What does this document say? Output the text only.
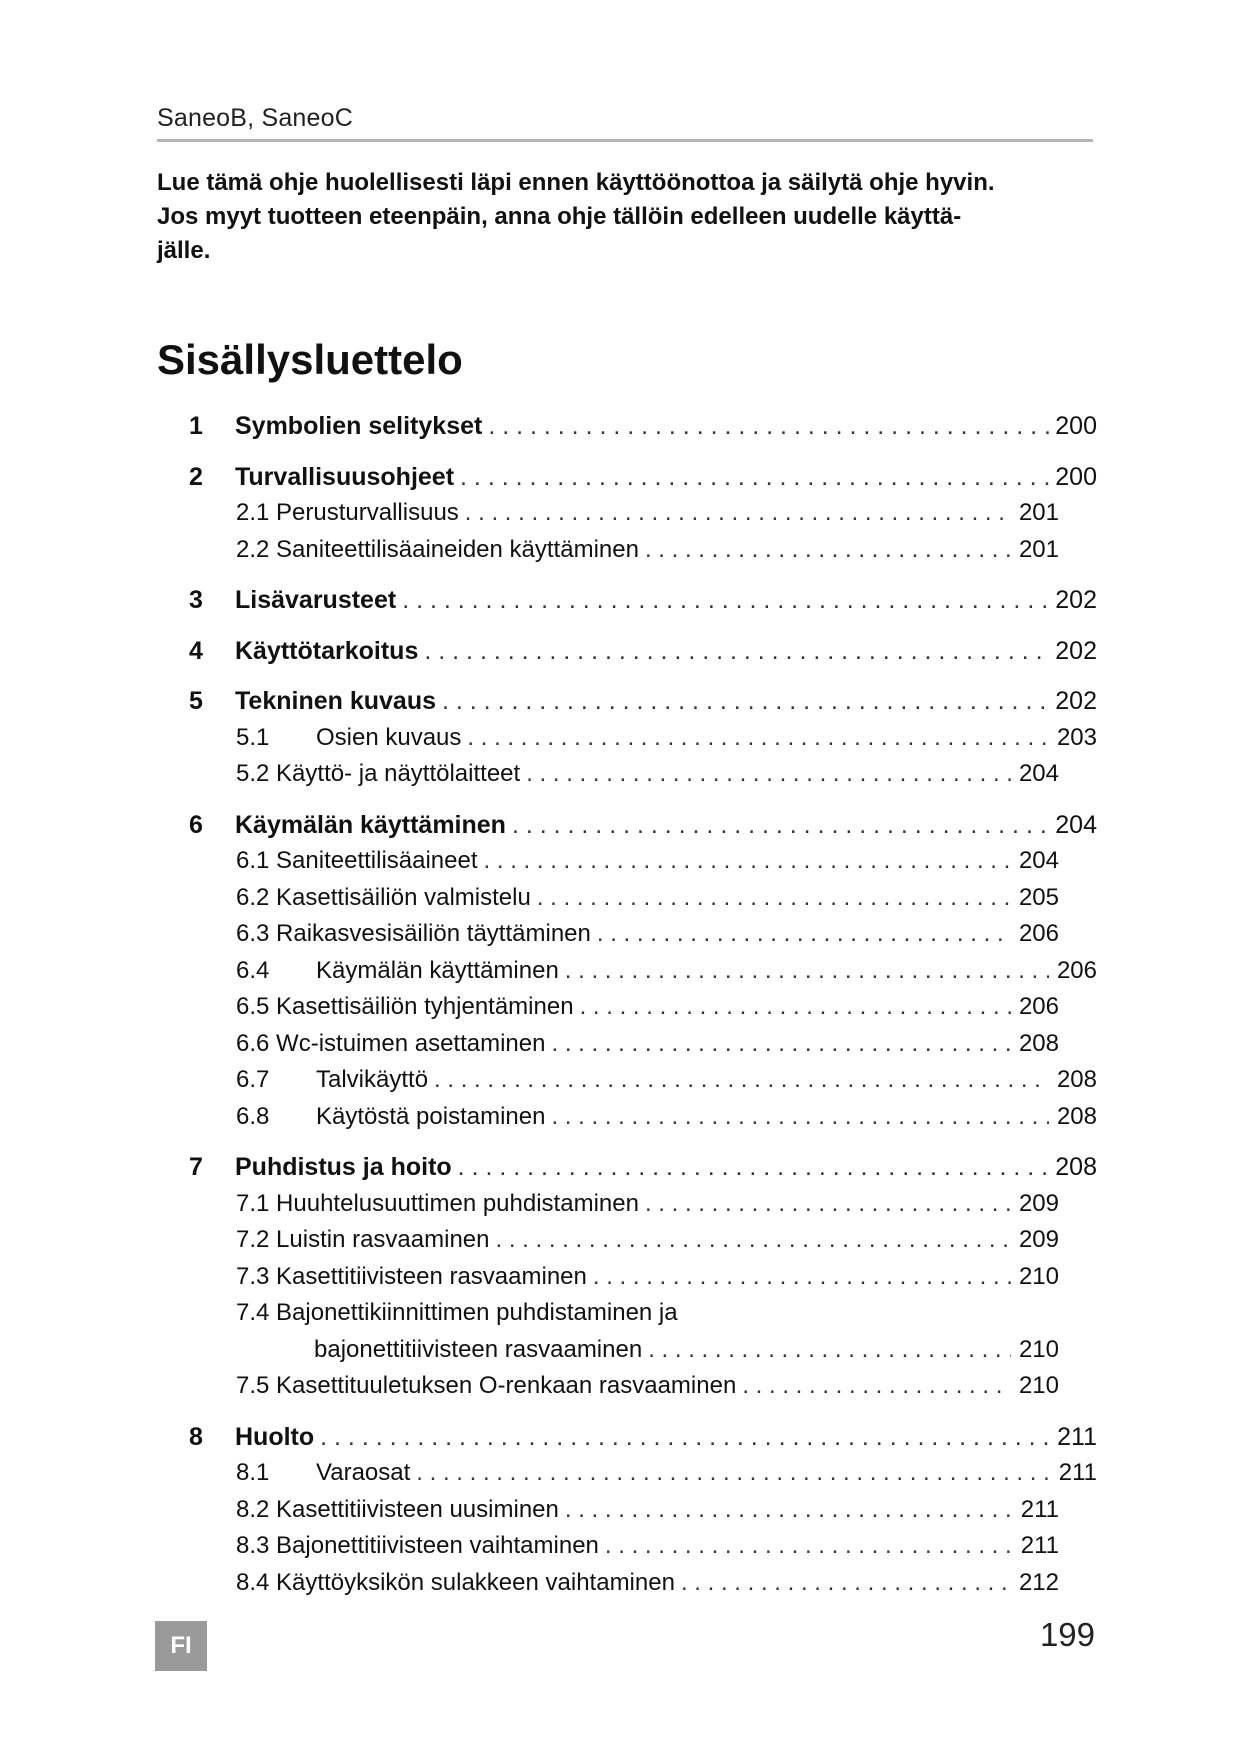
SaneoB, SaneoC

Lue tämä ohje huolellisesti läpi ennen käyttöönottoa ja säilytä ohje hyvin.

Jos myyt tuotteen eteenpäin, anna ohje tällöin edelleen uudelle käyttä-

jälle.

Sisällysluettelo
1	Symbolien selitykset . . .	200
2	Turvallisuusohjeet . . .	200
2.1 Perusturvallisuus . . .	201
2.2 Saniteettilisäaineiden käyttäminen . . .	201
3	Lisävarusteet . . .	202
4	Käyttötarkoitus . . .	202
5	Tekninen kuvaus . . .	202
5.1 Osien kuvaus . . .	203
5.2 Käyttö- ja näyttölaitteet . . .	204
6	Käymälän käyttäminen . . .	204
6.1 Saniteettilisäaineet . . .	204
6.2 Kasettisäiliön valmistelu . . .	205
6.3 Raikasvesisäiliön täyttäminen . . .	206
6.4 Käymälän käyttäminen . . .	206
6.5 Kasettisäiliön tyhjentäminen . . .	206
6.6 Wc-istuimen asettaminen . . .	208
6.7 Talvikäyttö . . .	208
6.8 Käytöstä poistaminen . . .	208
7	Puhdistus ja hoito . . .	208
7.1 Huuhtelusuuttimen puhdistaminen . . .	209
7.2 Luistin rasvaaminen . . .	209
7.3 Kasettitiivisteen rasvaaminen . . .	210
7.4 Bajonettikiinnittimen puhdistaminen ja
bajonettitiivisteen rasvaaminen . . .	210
7.5 Kasettituuletuksen O-renkaan rasvaaminen . . .	210
8	Huolto . . .	211
8.1 Varaosat . . .	211
8.2 Kasettitiivisteen uusiminen . . .	211
8.3 Bajonettitiivisteen vaihtaminen . . .	211
8.4 Käyttöyksikön sulakkeen vaihtaminen . . .	212
FI	199
